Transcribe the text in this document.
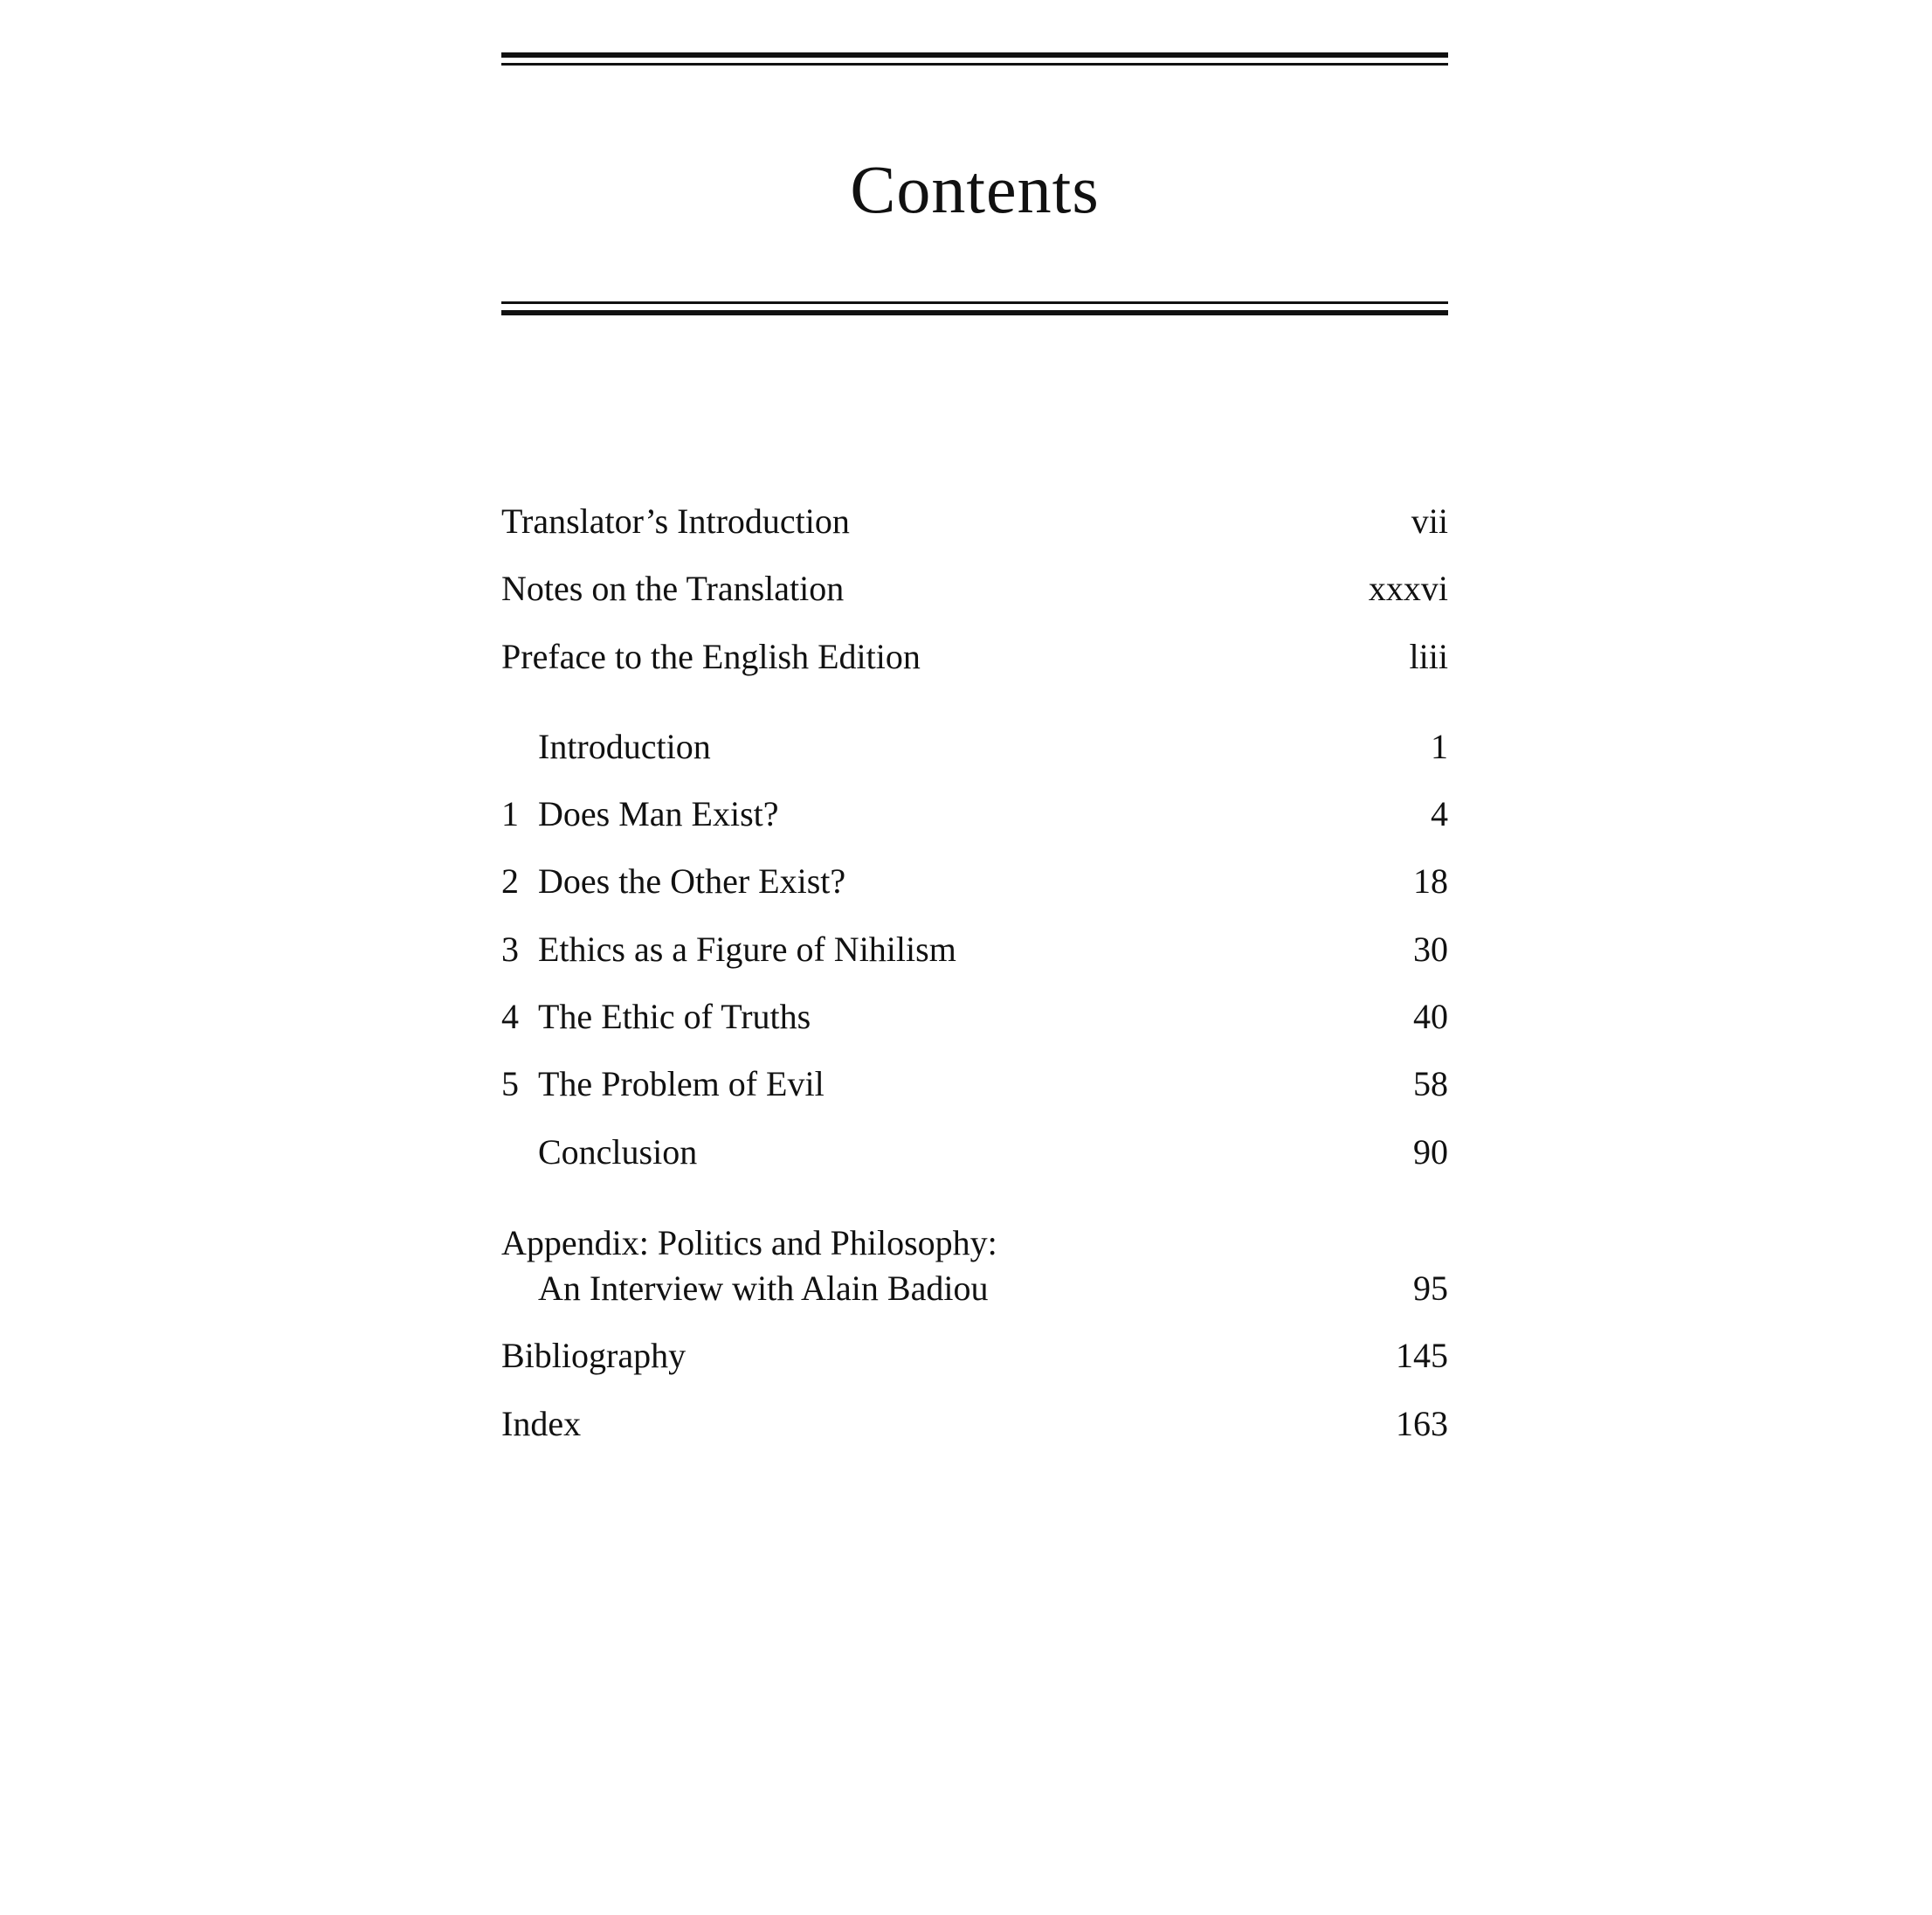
Contents
Translator’s Introduction	vii
Notes on the Translation	xxxvi
Preface to the English Edition	liii
Introduction	1
1 Does Man Exist?	4
2 Does the Other Exist?	18
3 Ethics as a Figure of Nihilism	30
4 The Ethic of Truths	40
5 The Problem of Evil	58
Conclusion	90
Appendix: Politics and Philosophy:
An Interview with Alain Badiou	95
Bibliography	145
Index	163
